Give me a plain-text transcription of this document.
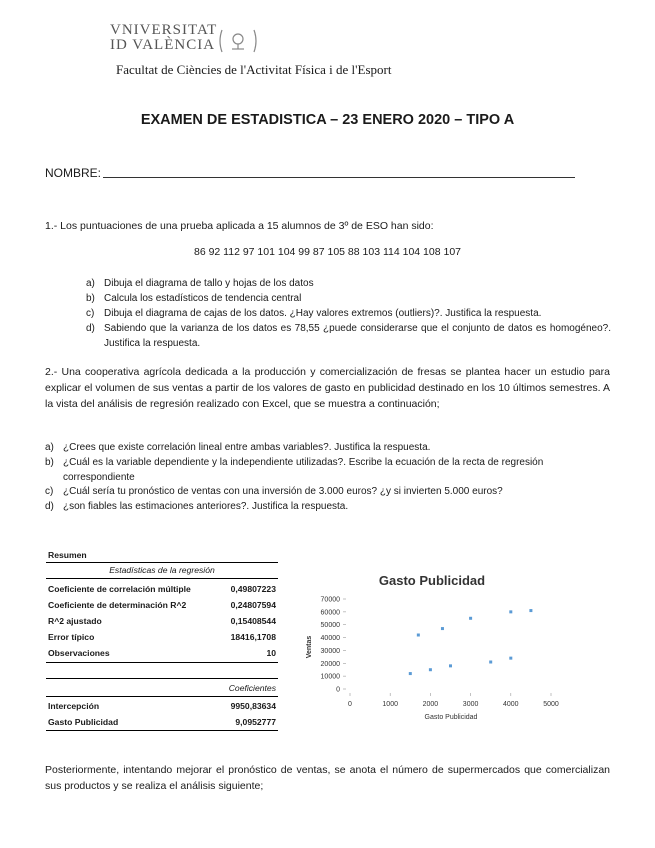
VNIVERSITAT
ID VALÈNCIA
Facultat de Ciències de l'Activitat Física i de l'Esport
EXAMEN DE ESTADISTICA – 23 ENERO 2020 – TIPO A
NOMBRE:
1.- Los puntuaciones de una prueba aplicada a 15 alumnos de 3º de ESO han sido:
86 92 112 97 101 104 99 87 105 88 103 114 104 108 107
a) Dibuja el diagrama de tallo y hojas de los datos
b) Calcula los estadísticos de tendencia central
c) Dibuja el diagrama de cajas de los datos. ¿Hay valores extremos (outliers)?. Justifica la respuesta.
d) Sabiendo que la varianza de los datos es 78,55 ¿puede considerarse que el conjunto de datos es homogéneo?. Justifica la respuesta.
2.- Una cooperativa agrícola dedicada a la producción y comercialización de fresas se plantea hacer un estudio para explicar el volumen de sus ventas a partir de los valores de gasto en publicidad destinado en los 10 últimos semestres. A la vista del análisis de regresión realizado con Excel, que se muestra a continuación;
a) ¿Crees que existe correlación lineal entre ambas variables?. Justifica la respuesta.
b) ¿Cuál es la variable dependiente y la independiente utilizadas?. Escribe la ecuación de la recta de regresión correspondiente
c) ¿Cuál sería tu pronóstico de ventas con una inversión de 3.000 euros? ¿y si invierten 5.000 euros?
d) ¿son fiables las estimaciones anteriores?. Justifica la respuesta.
Resumen
Estadísticas de la regresión
Coeficiente de correlación múltiple	0,49807223
Coeficiente de determinación R^2	0,24807594
R^2 ajustado	0,15408544
Error típico	18416,1708
Observaciones	10
Coeficientes
Intercepción	9950,83634
Gasto Publicidad	9,0952777
Gasto Publicidad
0
10000
20000
30000
40000
50000
60000
70000
0	1000	2000	3000	4000	5000
Ventas
Gasto Publicidad
Posteriormente, intentando mejorar el pronóstico de ventas, se anota el número de supermercados que comercializan sus productos y se realiza el análisis siguiente;
